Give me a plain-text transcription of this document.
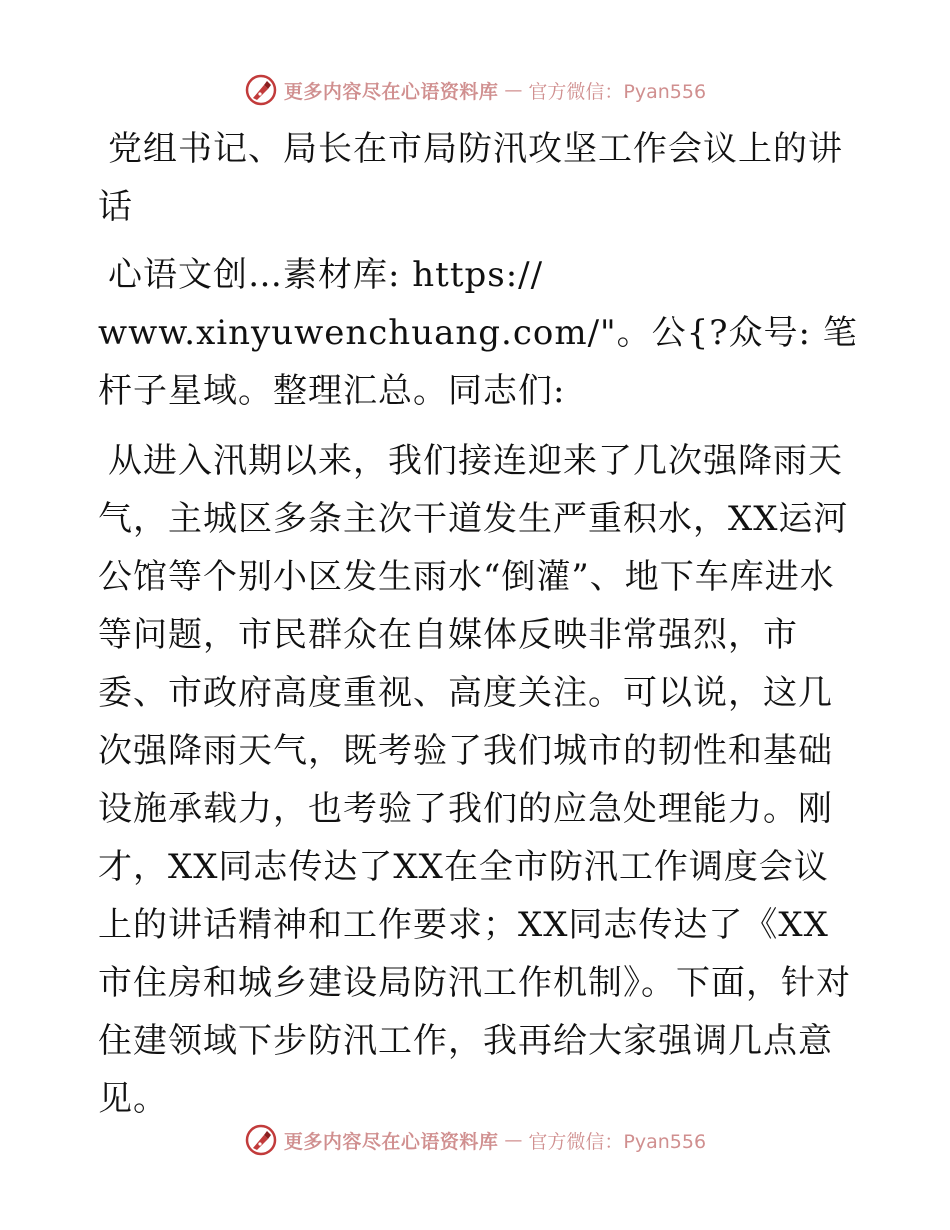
更多内容尽在心语资料库 — 官方微信：Pyan556

党组书记、局长在市局防汛攻坚工作会议上的讲话

心语文创…素材库: https://
www.xinyuwenchuang.com/"。公{?众号: 笔杆子星域。整理汇总。同志们:

从进入汛期以来，我们接连迎来了几次强降雨天气，主城区多条主次干道发生严重积水，XX运河公馆等个别小区发生雨水“倒灌”、地下车库进水等问题，市民群众在自媒体反映非常强烈，市委、市政府高度重视、高度关注。可以说，这几次强降雨天气，既考验了我们城市的韧性和基础设施承载力，也考验了我们的应急处理能力。刚才，XX同志传达了XX在全市防汛工作调度会议上的讲话精神和工作要求；XX同志传达了《XX市住房和城乡建设局防汛工作机制》。下面，针对住建领域下步防汛工作，我再给大家强调几点意见。

更多内容尽在心语资料库 — 官方微信：Pyan556
